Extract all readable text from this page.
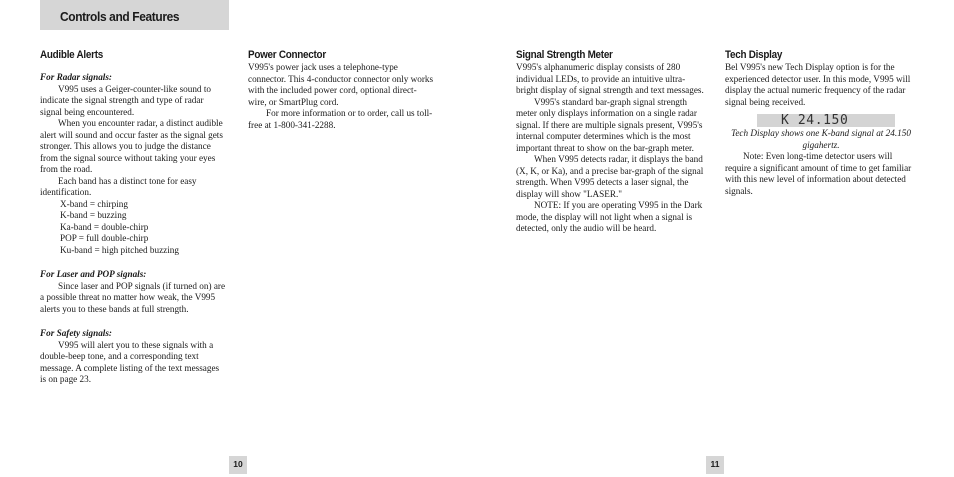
Controls and Features

Audible Alerts

For Radar signals:

V995 uses a Geiger-counter-like sound to indicate the signal strength and type of radar signal being encountered.

When you encounter radar, a distinct audible alert will sound and occur faster as the signal gets stronger. This allows you to judge the distance from the signal source without taking your eyes from the road.

Each band has a distinct tone for easy identification.

X-band = chirping

K-band = buzzing

Ka-band = double-chirp

POP = full double-chirp

Ku-band = high pitched buzzing

For Laser and POP signals:

Since laser and POP signals (if turned on) are a possible threat no matter how weak, the V995 alerts you to these bands at full strength.

For Safety signals:

V995 will alert you to these signals with a double-beep tone, and a corresponding text message. A complete listing of the text messages is on page 23.

Power Connector

V995's power jack uses a telephone-type connector. This 4-conductor connector only works with the included power cord, optional direct-wire, or SmartPlug cord.

For more information or to order, call us toll-free at 1-800-341-2288.

10

Signal Strength Meter

V995's alphanumeric display consists of 280 individual LEDs, to provide an intuitive ultra-bright display of signal strength and text messages.

V995's standard bar-graph signal strength meter only displays information on a single radar signal. If there are multiple signals present, V995's internal computer determines which is the most important threat to show on the bar-graph meter.

When V995 detects radar, it displays the band (X, K, or Ka), and a precise bar-graph of the signal strength. When V995 detects a laser signal, the display will show "LASER."

NOTE: If you are operating V995 in the Dark mode, the display will not light when a signal is detected, only the audio will be heard.

Tech Display

Bel V995's new Tech Display option is for the experienced detector user. In this mode, V995 will display the actual numeric frequency of the radar signal being received.

K 24.150

Tech Display shows one K-band signal at 24.150 gigahertz.

Note: Even long-time detector users will require a significant amount of time to get familiar with this new level of information about detected signals.

11
